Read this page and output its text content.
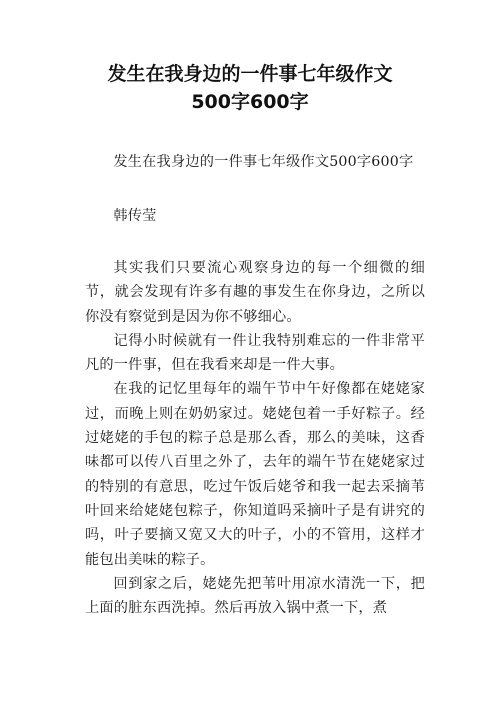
发生在我身边的一件事七年级作文
500字600字

发生在我身边的一件事七年级作文500字600字

韩传莹

其实我们只要流心观察身边的每一个细微的细节，就会发现有许多有趣的事发生在你身边，之所以你没有察觉到是因为你不够细心。

记得小时候就有一件让我特别难忘的一件非常平凡的一件事，但在我看来却是一件大事。

在我的记忆里每年的端午节中午好像都在姥姥家过，而晚上则在奶奶家过。姥姥包着一手好粽子。经过姥姥的手包的粽子总是那么香，那么的美味，这香味都可以传八百里之外了，去年的端午节在姥姥家过的特别的有意思，吃过午饭后姥爷和我一起去采摘苇叶回来给姥姥包粽子，你知道吗采摘叶子是有讲究的吗，叶子要摘又宽又大的叶子，小的不管用，这样才能包出美味的粽子。

回到家之后，姥姥先把苇叶用凉水清洗一下，把上面的脏东西洗掉。然后再放入锅中煮一下，煮
